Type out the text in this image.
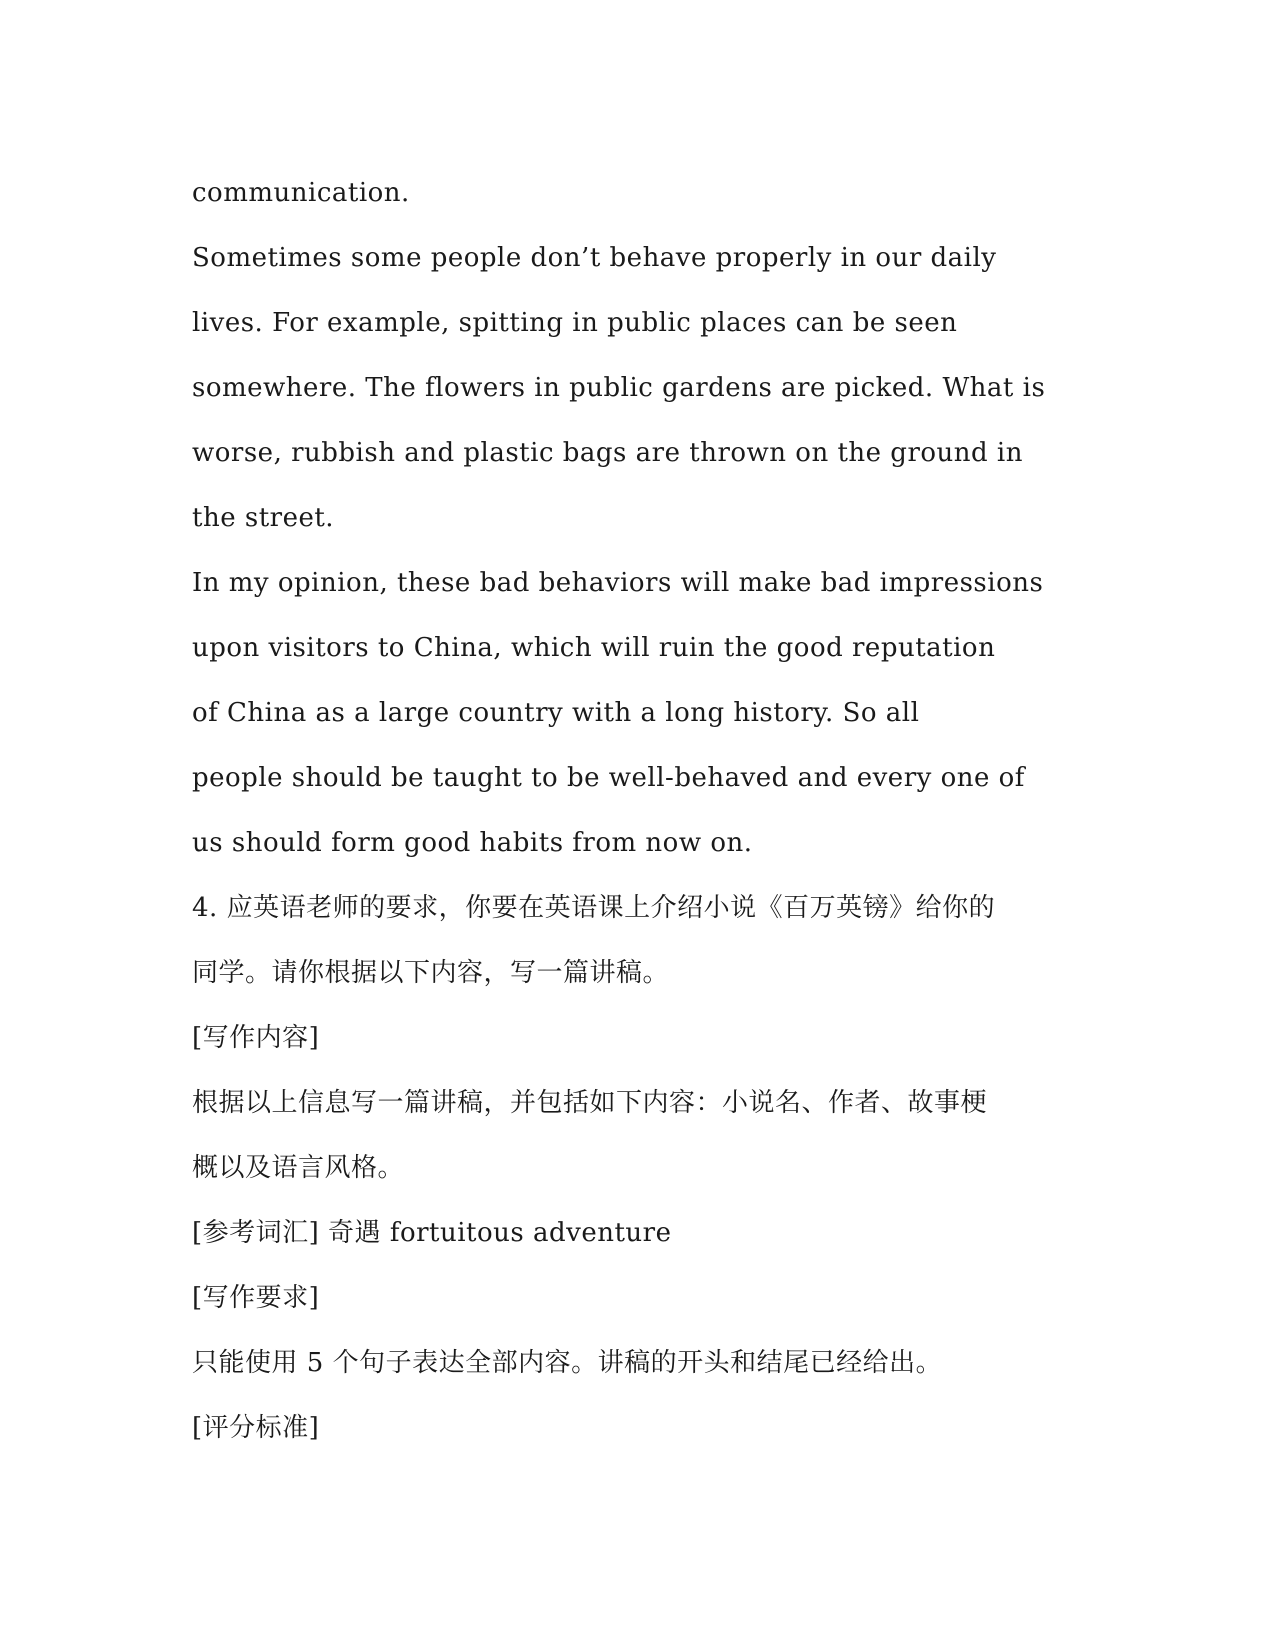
communication.
Sometimes some people don’t behave properly in our daily
lives. For example, spitting in public places can be seen
somewhere. The flowers in public gardens are picked. What is
worse, rubbish and plastic bags are thrown on the ground in
the street.
In my opinion, these bad behaviors will make bad impressions
upon visitors to China, which will ruin the good reputation
of China as a large country with a long history. So all
people should be taught to be well-behaved and every one of
us should form good habits from now on.
4. 应英语老师的要求，你要在英语课上介绍小说《百万英镑》给你的
同学。请你根据以下内容，写一篇讲稿。
[写作内容]
根据以上信息写一篇讲稿，并包括如下内容：小说名、作者、故事梗
概以及语言风格。
[参考词汇] 奇遇 fortuitous adventure
[写作要求]
只能使用 5 个句子表达全部内容。讲稿的开头和结尾已经给出。
[评分标准]
